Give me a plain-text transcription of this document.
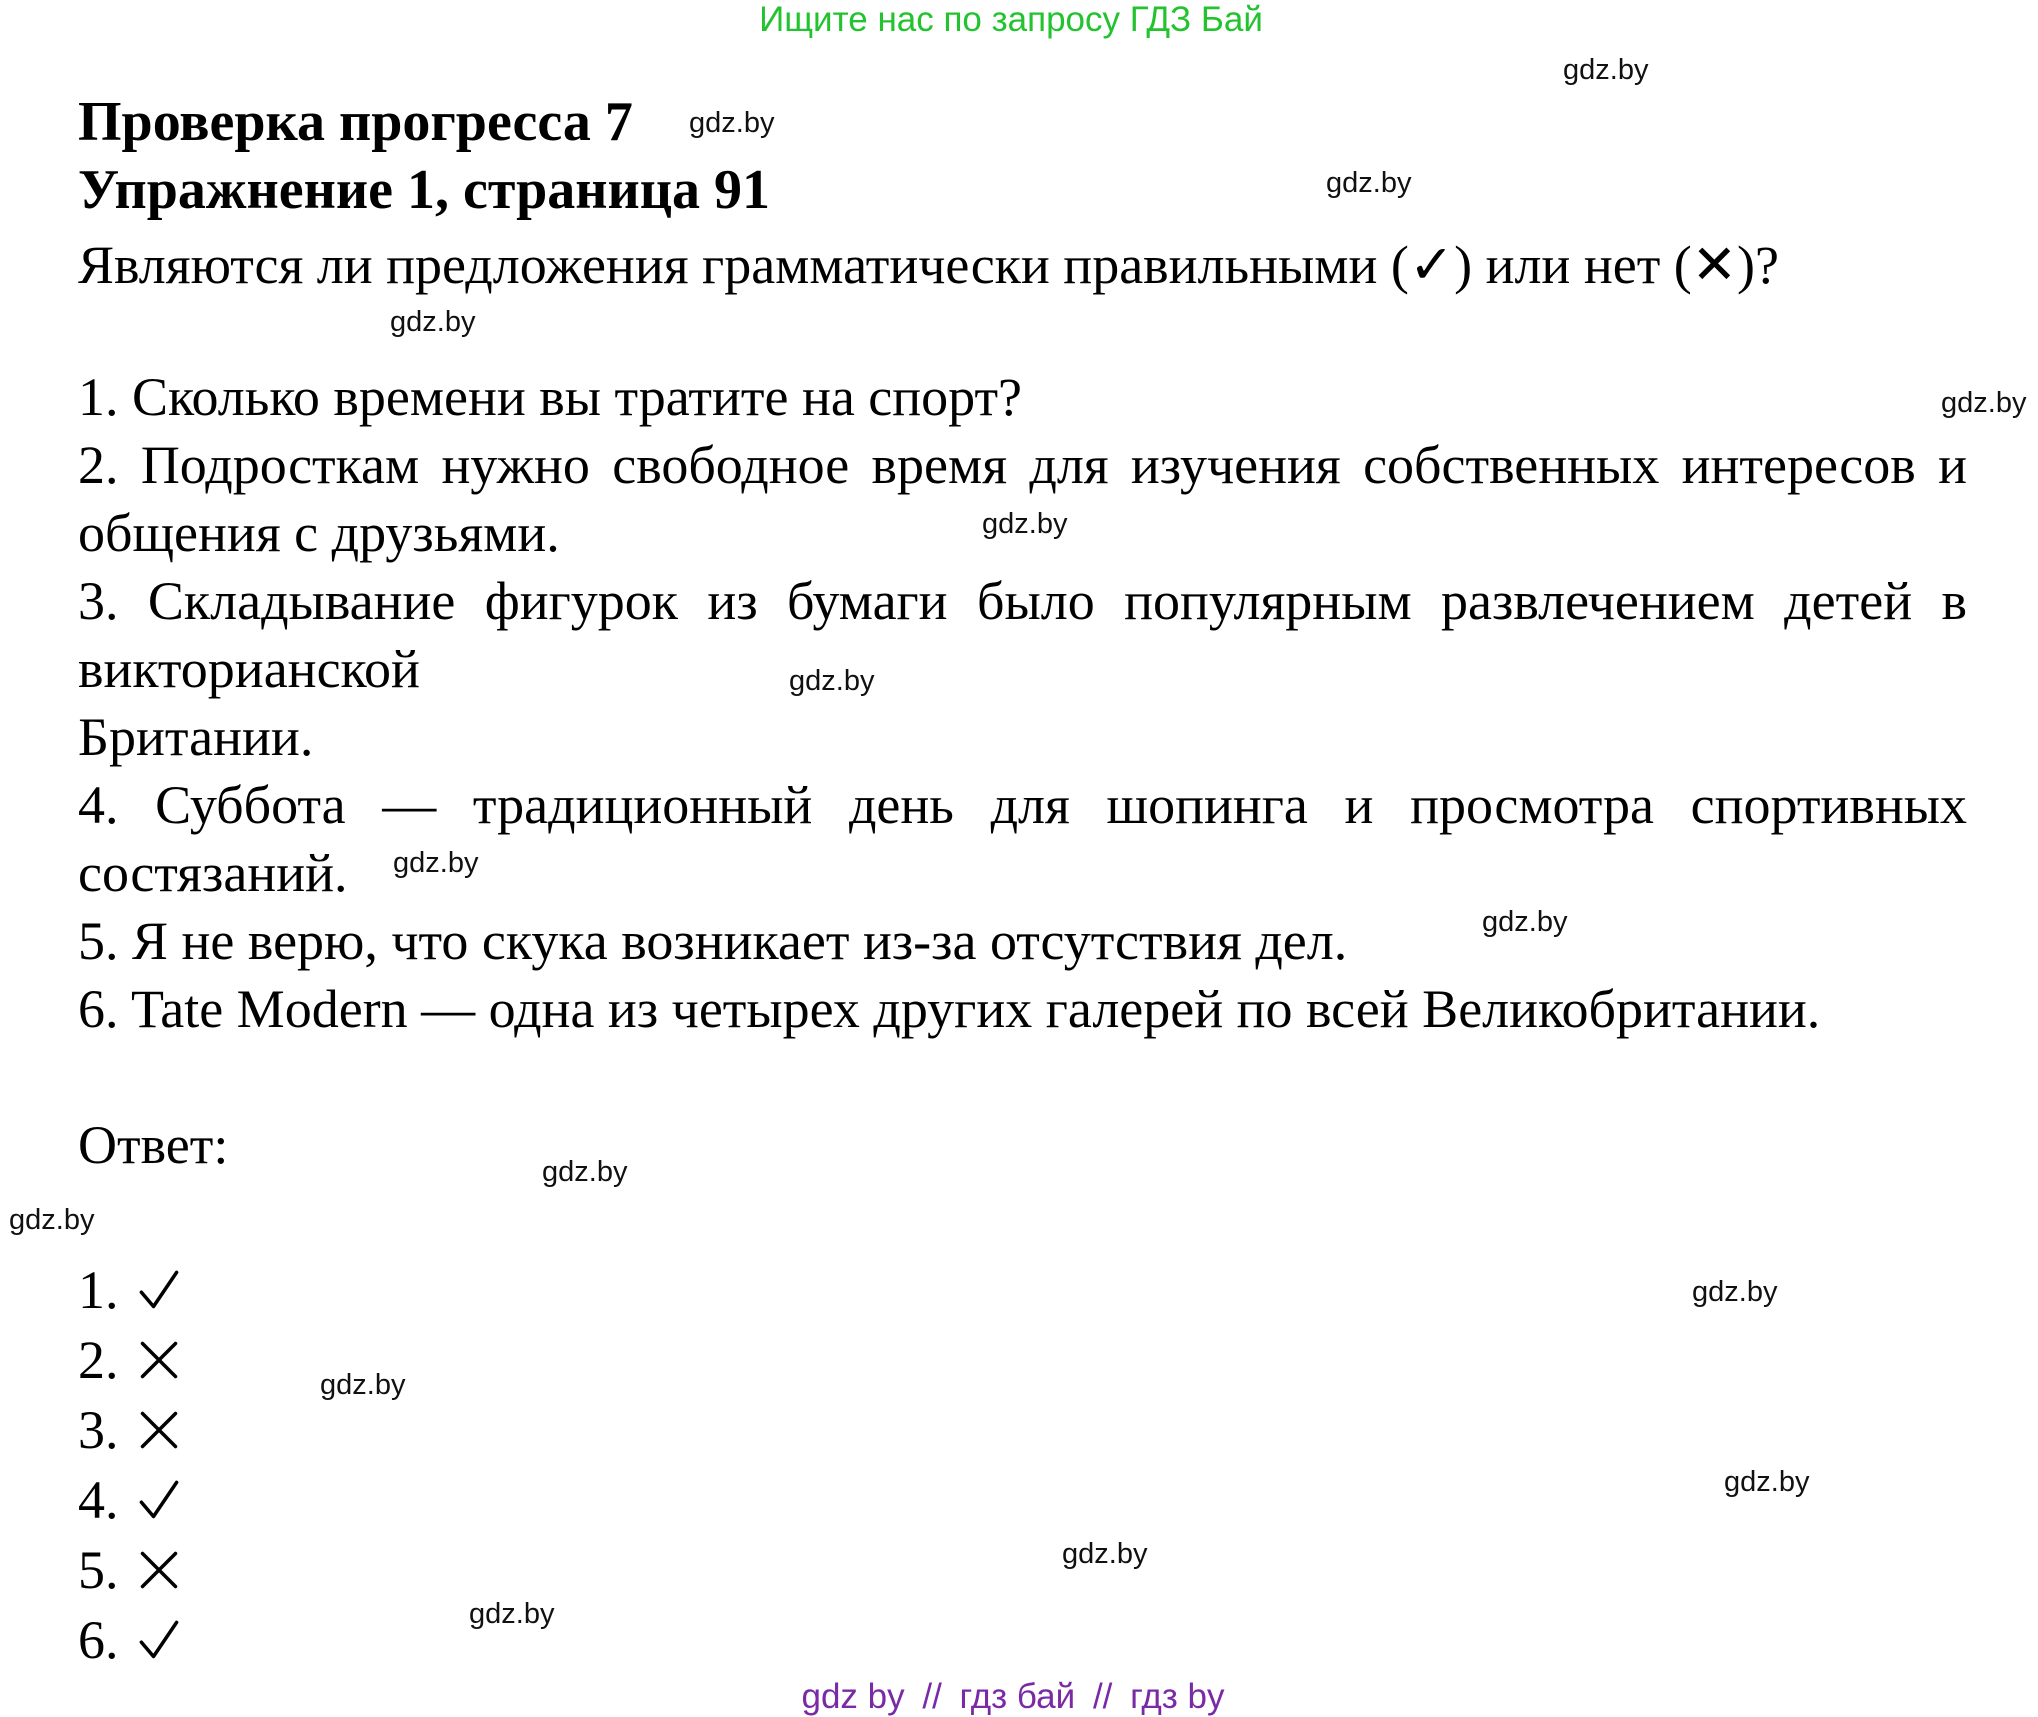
Ищите нас по запросу ГДЗ Бай
Проверка прогресса 7
Упражнение 1, страница 91
Являются ли предложения грамматически правильными (✓) или нет (✕)?
1. Сколько времени вы тратите на спорт?
2. Подросткам нужно свободное время для изучения собственных интересов и общения с друзьями.
3. Складывание фигурок из бумаги было популярным развлечением детей в викторианской
Британии.
4. Суббота — традиционный день для шопинга и просмотра спортивных состязаний.
5. Я не верю, что скука возникает из-за отсутствия дел.
6. Tate Modern — одна из четырех других галерей по всей Великобритании.
Ответ:
1.
2.
3.
4.
5.
6.
gdz.by
gdz.by
gdz.by
gdz.by
gdz.by
gdz.by
gdz.by
gdz.by
gdz.by
gdz.by
gdz.by
gdz.by
gdz.by
gdz.by
gdz.by
gdz.by
gdz by // гдз бай // гдз by
